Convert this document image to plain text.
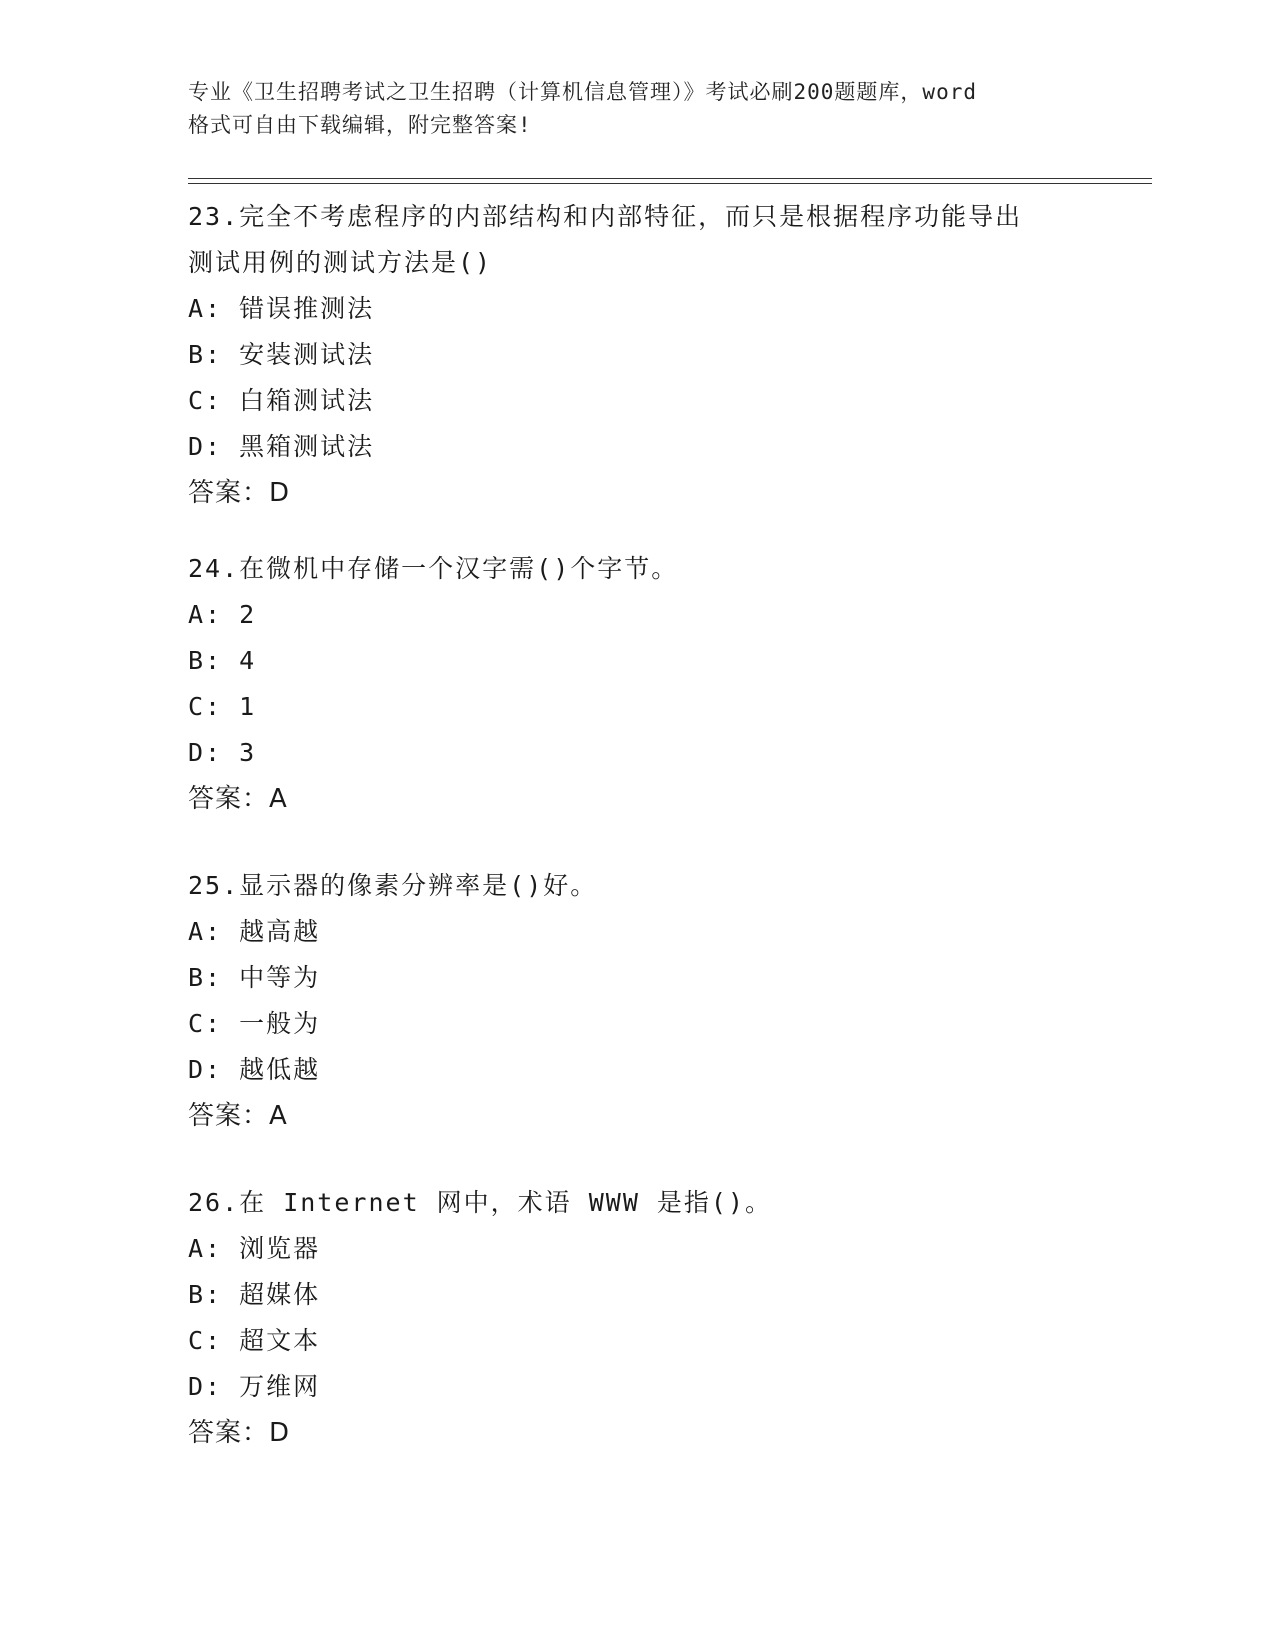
专业《卫生招聘考试之卫生招聘（计算机信息管理）》考试必刷200题题库，word
格式可自由下载编辑，附完整答案!
23.完全不考虑程序的内部结构和内部特征，而只是根据程序功能导出
测试用例的测试方法是()
A: 错误推测法
B: 安装测试法
C: 白箱测试法
D: 黑箱测试法
答案：D
24.在微机中存储一个汉字需()个字节。
A: 2
B: 4
C: 1
D: 3
答案：A
25.显示器的像素分辨率是()好。
A: 越高越
B: 中等为
C: 一般为
D: 越低越
答案：A
26.在 Internet 网中，术语 WWW 是指()。
A: 浏览器
B: 超媒体
C: 超文本
D: 万维网
答案：D
